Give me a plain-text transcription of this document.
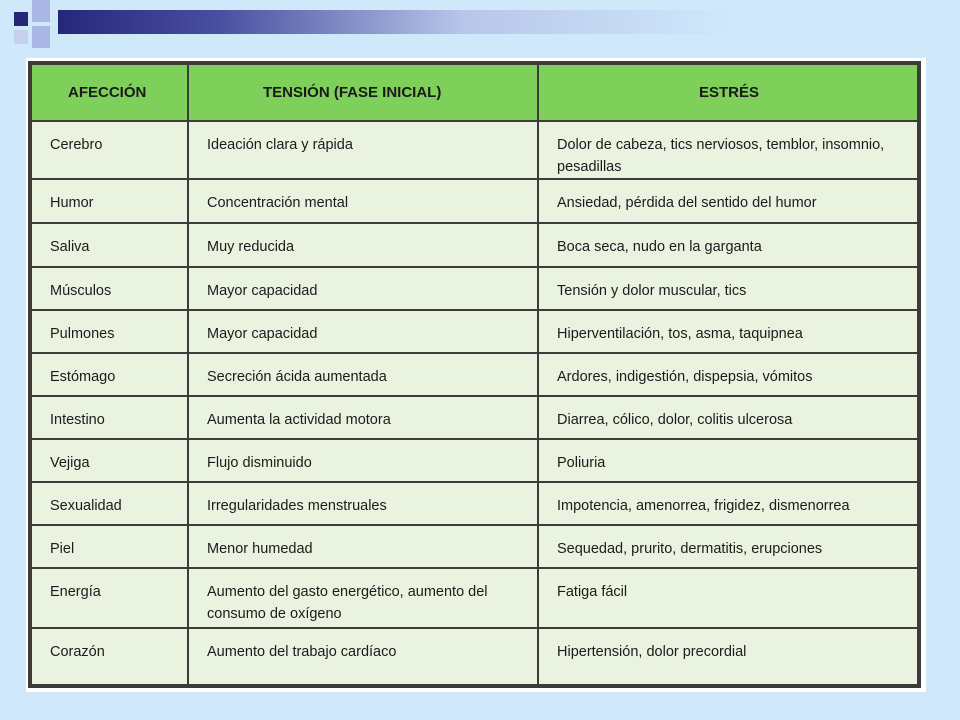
AFECCIÓN	TENSIÓN (FASE INICIAL)	ESTRÉS
Cerebro	Ideación clara y rápida	Dolor de cabeza, tics nerviosos, temblor, insomnio, pesadillas
Humor	Concentración mental	Ansiedad, pérdida del sentido del humor
Saliva	Muy reducida	Boca seca, nudo en la garganta
Músculos	Mayor capacidad	Tensión y dolor muscular, tics
Pulmones	Mayor capacidad	Hiperventilación, tos, asma, taquipnea
Estómago	Secreción ácida aumentada	Ardores, indigestión, dispepsia, vómitos
Intestino	Aumenta la actividad motora	Diarrea, cólico, dolor, colitis ulcerosa
Vejiga	Flujo disminuido	Poliuria
Sexualidad	Irregularidades menstruales	Impotencia, amenorrea, frigidez, dismenorrea
Piel	Menor humedad	Sequedad, prurito, dermatitis, erupciones
Energía	Aumento del gasto energético, aumento del consumo de oxígeno	Fatiga fácil
Corazón	Aumento del trabajo cardíaco	Hipertensión, dolor precordial
